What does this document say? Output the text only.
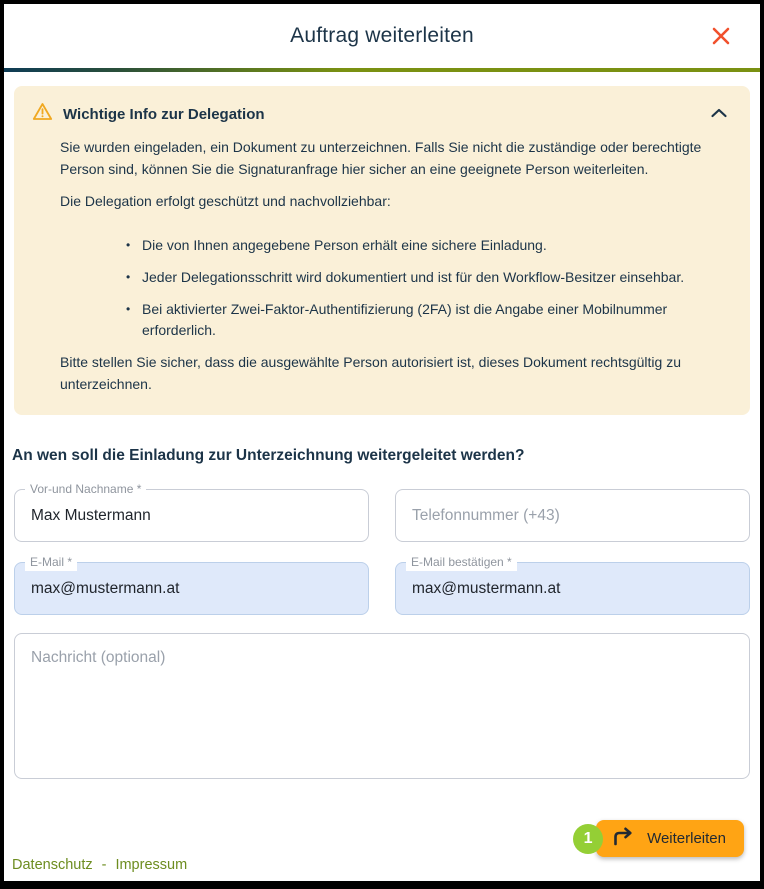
Auftrag weiterleiten
Wichtige Info zur Delegation

Sie wurden eingeladen, ein Dokument zu unterzeichnen. Falls Sie nicht die zuständige oder berechtigte Person sind, können Sie die Signaturanfrage hier sicher an eine geeignete Person weiterleiten.

Die Delegation erfolgt geschützt und nachvollziehbar:

• Die von Ihnen angegebene Person erhält eine sichere Einladung.
• Jeder Delegationsschritt wird dokumentiert und ist für den Workflow-Besitzer einsehbar.
• Bei aktivierter Zwei-Faktor-Authentifizierung (2FA) ist die Angabe einer Mobilnummer erforderlich.

Bitte stellen Sie sicher, dass die ausgewählte Person autorisiert ist, dieses Dokument rechtsgültig zu unterzeichnen.

An wen soll die Einladung zur Unterzeichnung weitergeleitet werden?
Vor-und Nachname *
Max Mustermann
Telefonnummer (+43)
E-Mail *
max@mustermann.at	E-Mail bestätigen *
max@mustermann.at
Nachricht (optional)
1	Weiterleiten
Datenschutz - Impressum
